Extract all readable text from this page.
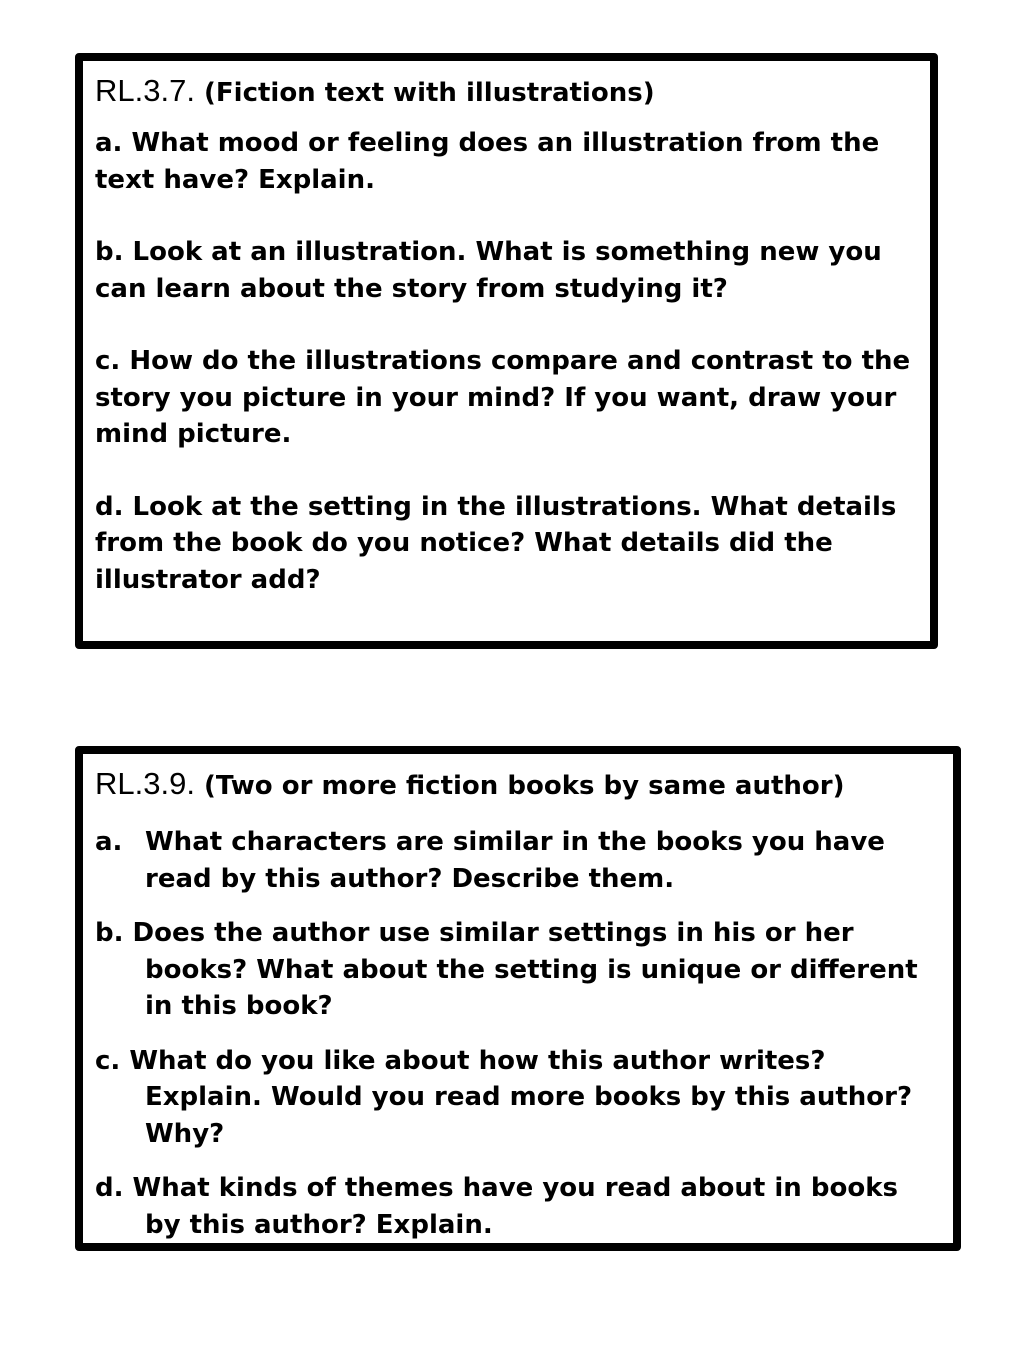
RL.3.7. (Fiction text with illustrations)

a. What mood or feeling does an illustration from the text have? Explain.

b. Look at an illustration. What is something new you can learn about the story from studying it?

c. How do the illustrations compare and contrast to the story you picture in your mind? If you want, draw your mind picture.

d. Look at the setting in the illustrations. What details from the book do you notice? What details did the illustrator add?

RL.3.9. (Two or more fiction books by same author)

a. What characters are similar in the books you have read by this author? Describe them.

b. Does the author use similar settings in his or her books? What about the setting is unique or different in this book?

c. What do you like about how this author writes? Explain. Would you read more books by this author? Why?

d. What kinds of themes have you read about in books by this author? Explain.
